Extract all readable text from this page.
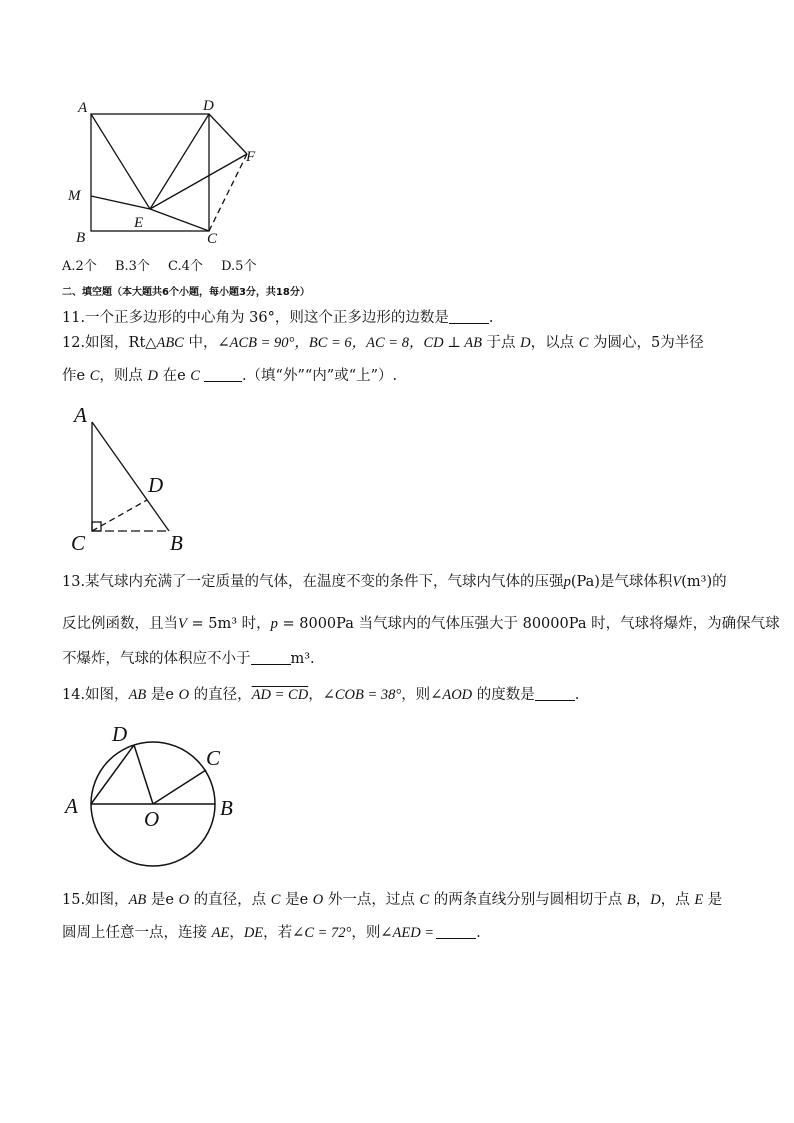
A	D
F
M
E
B	C
A.2个 B.3个 C.4个 D.5个
二、填空题（本大题共6个小题，每小题3分，共18分）
11.一个正多边形的中心角为 36°，则这个正多边形的边数是	.
12.如图，Rt△ABC 中，∠ACB = 90°，BC = 6，AC = 8，CD ⊥ AB 于点 D，以点 C 为圆心，5为半径
作e C，则点 D 在e C	.（填“外”“内”或“上”）.
A
D
C	B
13.某气球内充满了一定质量的气体，在温度不变的条件下，气球内气体的压强p(Pa)是气球体积V(m³)的
反比例函数，且当V = 5m³ 时，p = 8000Pa 当气球内的气体压强大于 80000Pa 时，气球将爆炸，为确保气球
不爆炸，气球的体积应不小于	m³.
14.如图，AB 是e O 的直径，AD = CD，∠COB = 38°，则∠AOD 的度数是	.
D
C
A
O	B
15.如图，AB 是e O 的直径，点 C 是e O 外一点，过点 C 的两条直线分别与圆相切于点 B，D，点 E 是
圆周上任意一点，连接 AE，DE，若∠C = 72°，则∠AED =	.
